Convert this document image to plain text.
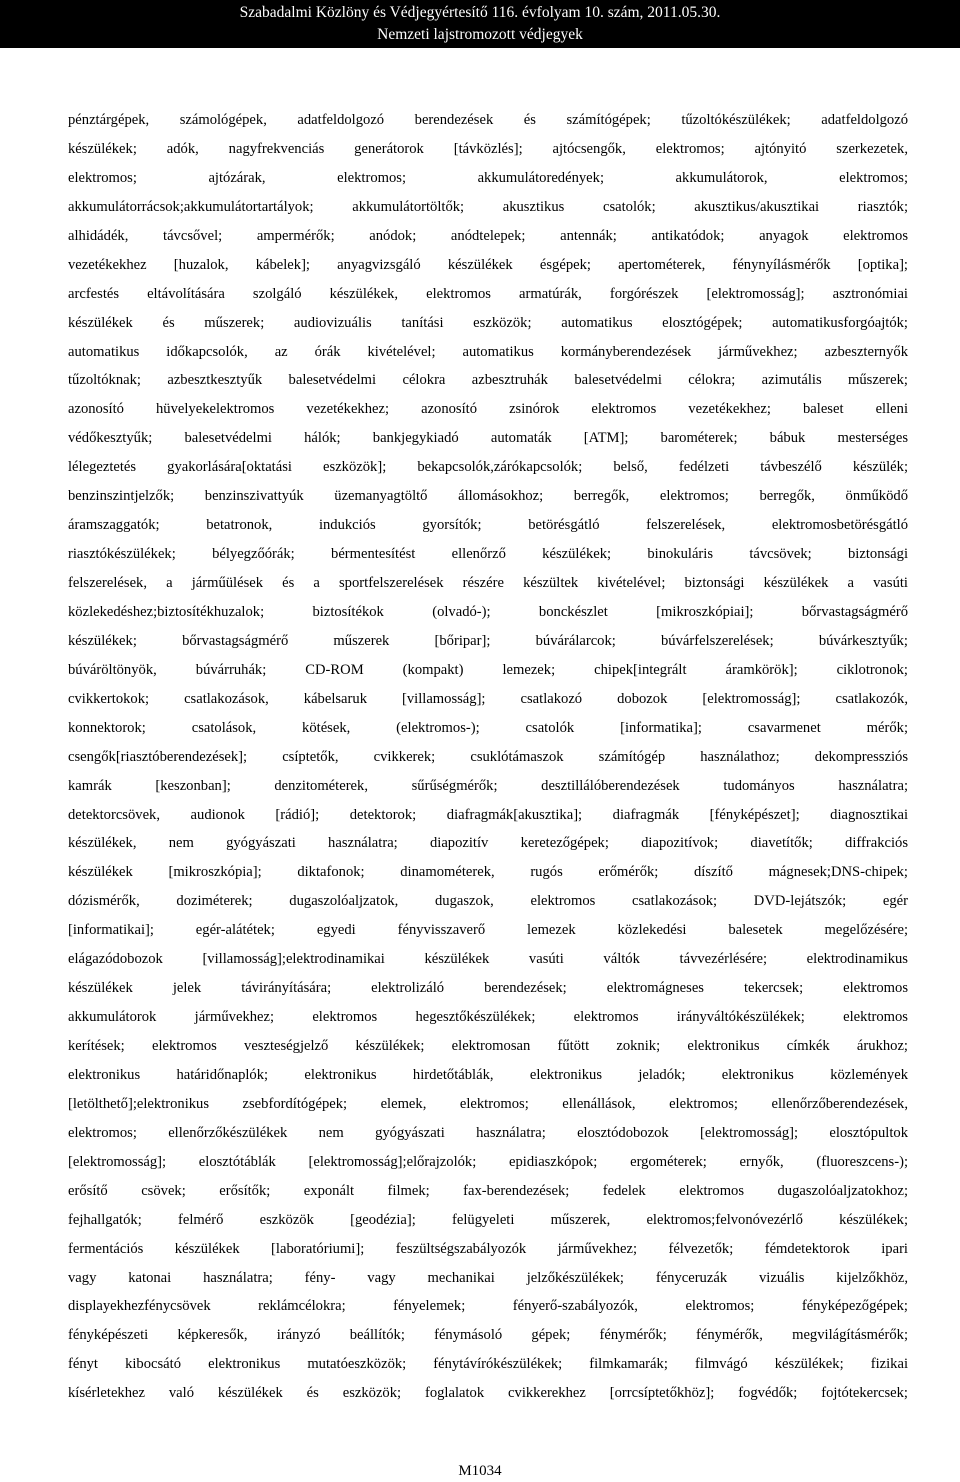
Szabadalmi Közlöny és Védjegyértesítő 116. évfolyam 10. szám, 2011.05.30.
Nemzeti lajstromozott védjegyek
pénztárgépek, számológépek, adatfeldolgozó berendezések és számítógépek; tűzoltókészülékek; adatfeldolgozó
készülékek; adók, nagyfrekvenciás generátorok [távközlés]; ajtócsengők, elektromos; ajtónyitó szerkezetek,
elektromos; ajtózárak, elektromos; akkumulátoredények; akkumulátorok, elektromos;
akkumulátorrácsok;akkumulátortartályok; akkumulátortöltők; akusztikus csatolók; akusztikus/akusztikai riasztók;
alhidádék, távcsővel; ampermérők; anódok; anódtelepek; antennák; antikatódok; anyagok elektromos
vezetékekhez [huzalok, kábelek]; anyagvizsgáló készülékek ésgépek; apertométerek, fénynyílásmérők [optika];
arcfestés eltávolítására szolgáló készülékek, elektromos armatúrák, forgórészek [elektromosság]; asztronómiai
készülékek és műszerek; audiovizuális tanítási eszközök; automatikus elosztógépek; automatikusforgóajtók;
automatikus időkapcsolók, az órák kivételével; automatikus kormányberendezések járművekhez; azbeszternyők
tűzoltóknak; azbesztkesztyűk balesetvédelmi célokra azbesztruhák balesetvédelmi célokra; azimutális műszerek;
azonosító hüvelyekelektromos vezetékekhez; azonosító zsinórok elektromos vezetékekhez; baleset elleni
védőkesztyűk; balesetvédelmi hálók; bankjegykiadó automaták [ATM]; barométerek; bábuk mesterséges
lélegeztetés gyakorlására[oktatási eszközök]; bekapcsolók,zárókapcsolók; belső, fedélzeti távbeszélő készülék;
benzinszintjelzők; benzinszivattyúk üzemanyagtöltő állomásokhoz; berregők, elektromos; berregők, önműködő
áramszaggatók; betatronok, indukciós gyorsítók; betörésgátló felszerelések, elektromosbetörésgátló
riasztókészülékek; bélyegzőórák; bérmentesítést ellenőrző készülékek; binokuláris távcsövek; biztonsági
felszerelések, a járműülések és a sportfelszerelések részére készültek kivételével; biztonsági készülékek a vasúti
közlekedéshez;biztosítékhuzalok; biztosítékok (olvadó-); bonckészlet [mikroszkópiai]; bőrvastagságmérő
készülékek; bőrvastagságmérő műszerek [bőripar]; búvárálarcok; búvárfelszerelések; búvárkesztyűk;
búváröltönyök, búvárruhák; CD-ROM (kompakt) lemezek; chipek[integrált áramkörök]; ciklotronok;
cvikkertokok; csatlakozások, kábelsaruk [villamosság]; csatlakozó dobozok [elektromosság]; csatlakozók,
konnektorok; csatolások, kötések, (elektromos-); csatolók [informatika]; csavarmenet mérők;
csengők[riasztóberendezések]; csíptetők, cvikkerek; csuklótámaszok számítógép használathoz; dekompressziós
kamrák [keszonban]; denzitométerek, sűrűségmérők; desztillálóberendezések tudományos használatra;
detektorcsövek, audionok [rádió]; detektorok; diafragmák[akusztika]; diafragmák [fényképészet]; diagnosztikai
készülékek, nem gyógyászati használatra; diapozitív keretezőgépek; diapozitívok; diavetítők; diffrakciós
készülékek [mikroszkópia]; diktafonok; dinamométerek, rugós erőmérők; díszítő mágnesek;DNS-chipek;
dózismérők, doziméterek; dugaszolóaljzatok, dugaszok, elektromos csatlakozások; DVD-lejátszók; egér
[informatikai]; egér-alátétek; egyedi fényvisszaverő lemezek közlekedési balesetek megelőzésére;
elágazódobozok [villamosság];elektrodinamikai készülékek vasúti váltók távvezérlésére; elektrodinamikus
készülékek jelek távirányítására; elektrolizáló berendezések; elektromágneses tekercsek; elektromos
akkumulátorok járművekhez; elektromos hegesztőkészülékek; elektromos irányváltókészülékek; elektromos
kerítések; elektromos veszteségjelző készülékek; elektromosan fűtött zoknik; elektronikus címkék árukhoz;
elektronikus határidőnaplók; elektronikus hirdetőtáblák, elektronikus jeladók; elektronikus közlemények
[letölthető];elektronikus zsebfordítógépek; elemek, elektromos; ellenállások, elektromos; ellenőrzőberendezések,
elektromos; ellenőrzőkészülékek nem gyógyászati használatra; elosztódobozok [elektromosság]; elosztópultok
[elektromosság]; elosztótáblák [elektromosság];előrajzolók; epidiaszkópok; ergométerek; ernyők, (fluoreszcens-);
erősítő csövek; erősítők; exponált filmek; fax-berendezések; fedelek elektromos dugaszolóaljzatokhoz;
fejhallgatók; felmérő eszközök [geodézia]; felügyeleti műszerek, elektromos;felvonóvezérlő készülékek;
fermentációs készülékek [laboratóriumi]; feszültségszabályozók járművekhez; félvezetők; fémdetektorok ipari
vagy katonai használatra; fény- vagy mechanikai jelzőkészülékek; fényceruzák vizuális kijelzőkhöz,
displayekhezfénycsövek reklámcélokra; fényelemek; fényerő-szabályozók, elektromos; fényképezőgépek;
fényképészeti képkeresők, irányzó beállítók; fénymásoló gépek; fénymérők; fénymérők, megvilágításmérők;
fényt kibocsátó elektronikus mutatóeszközök; fénytávírókészülékek; filmkamarák; filmvágó készülékek; fizikai
kísérletekhez való készülékek és eszközök; foglalatok cvikkerekhez [orrcsíptetőkhöz]; fogvédők; fojtótekercsek;
M1034
